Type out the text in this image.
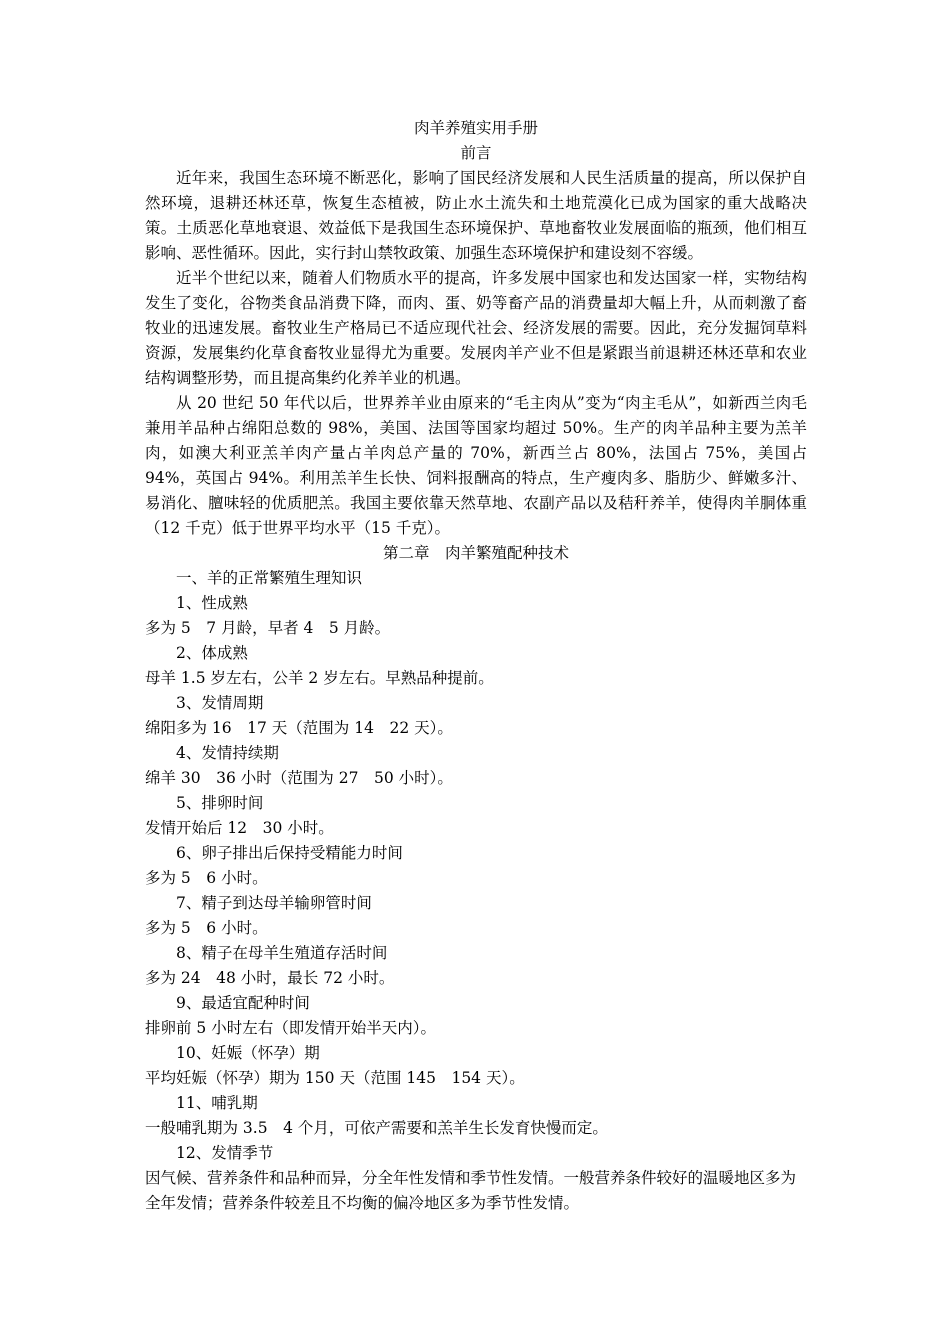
肉羊养殖实用手册

前言

近年来，我国生态环境不断恶化，影响了国民经济发展和人民生活质量的提高，所以保护自然环境，退耕还林还草，恢复生态植被，防止水土流失和土地荒漠化已成为国家的重大战略决策。土质恶化草地衰退、效益低下是我国生态环境保护、草地畜牧业发展面临的瓶颈，他们相互影响、恶性循环。因此，实行封山禁牧政策、加强生态环境保护和建设刻不容缓。

近半个世纪以来，随着人们物质水平的提高，许多发展中国家也和发达国家一样，实物结构发生了变化，谷物类食品消费下降，而肉、蛋、奶等畜产品的消费量却大幅上升，从而刺激了畜牧业的迅速发展。畜牧业生产格局已不适应现代社会、经济发展的需要。因此，充分发掘饲草料资源，发展集约化草食畜牧业显得尤为重要。发展肉羊产业不但是紧跟当前退耕还林还草和农业结构调整形势，而且提高集约化养羊业的机遇。

从 20 世纪 50 年代以后，世界养羊业由原来的“毛主肉从”变为“肉主毛从”，如新西兰肉毛兼用羊品种占绵阳总数的 98%，美国、法国等国家均超过 50%。生产的肉羊品种主要为羔羊肉，如澳大利亚羔羊肉产量占羊肉总产量的 70%，新西兰占 80%，法国占 75%，美国占 94%，英国占 94%。利用羔羊生长快、饲料报酬高的特点，生产瘦肉多、脂肪少、鲜嫩多汁、易消化、膻味轻的优质肥羔。我国主要依靠天然草地、农副产品以及秸秆养羊，使得肉羊胴体重（12 千克）低于世界平均水平（15 千克）。

第二章　肉羊繁殖配种技术

一、羊的正常繁殖生理知识

1、性成熟

多为 5　7 月龄，早者 4　5 月龄。

2、体成熟

母羊 1.5 岁左右，公羊 2 岁左右。早熟品种提前。

3、发情周期

绵阳多为 16　17 天（范围为 14　22 天）。

4、发情持续期

绵羊 30　36 小时（范围为 27　50 小时）。

5、排卵时间

发情开始后 12　30 小时。

6、卵子排出后保持受精能力时间

多为 5　6 小时。

7、精子到达母羊输卵管时间

多为 5　6 小时。

8、精子在母羊生殖道存活时间

多为 24　48 小时，最长 72 小时。

9、最适宜配种时间

排卵前 5 小时左右（即发情开始半天内）。

10、妊娠（怀孕）期

平均妊娠（怀孕）期为 150 天（范围 145　154 天）。

11、哺乳期

一般哺乳期为 3.5　4 个月，可依产需要和羔羊生长发育快慢而定。

12、发情季节

因气候、营养条件和品种而异，分全年性发情和季节性发情。一般营养条件较好的温暖地区多为全年发情；营养条件较差且不均衡的偏冷地区多为季节性发情。
